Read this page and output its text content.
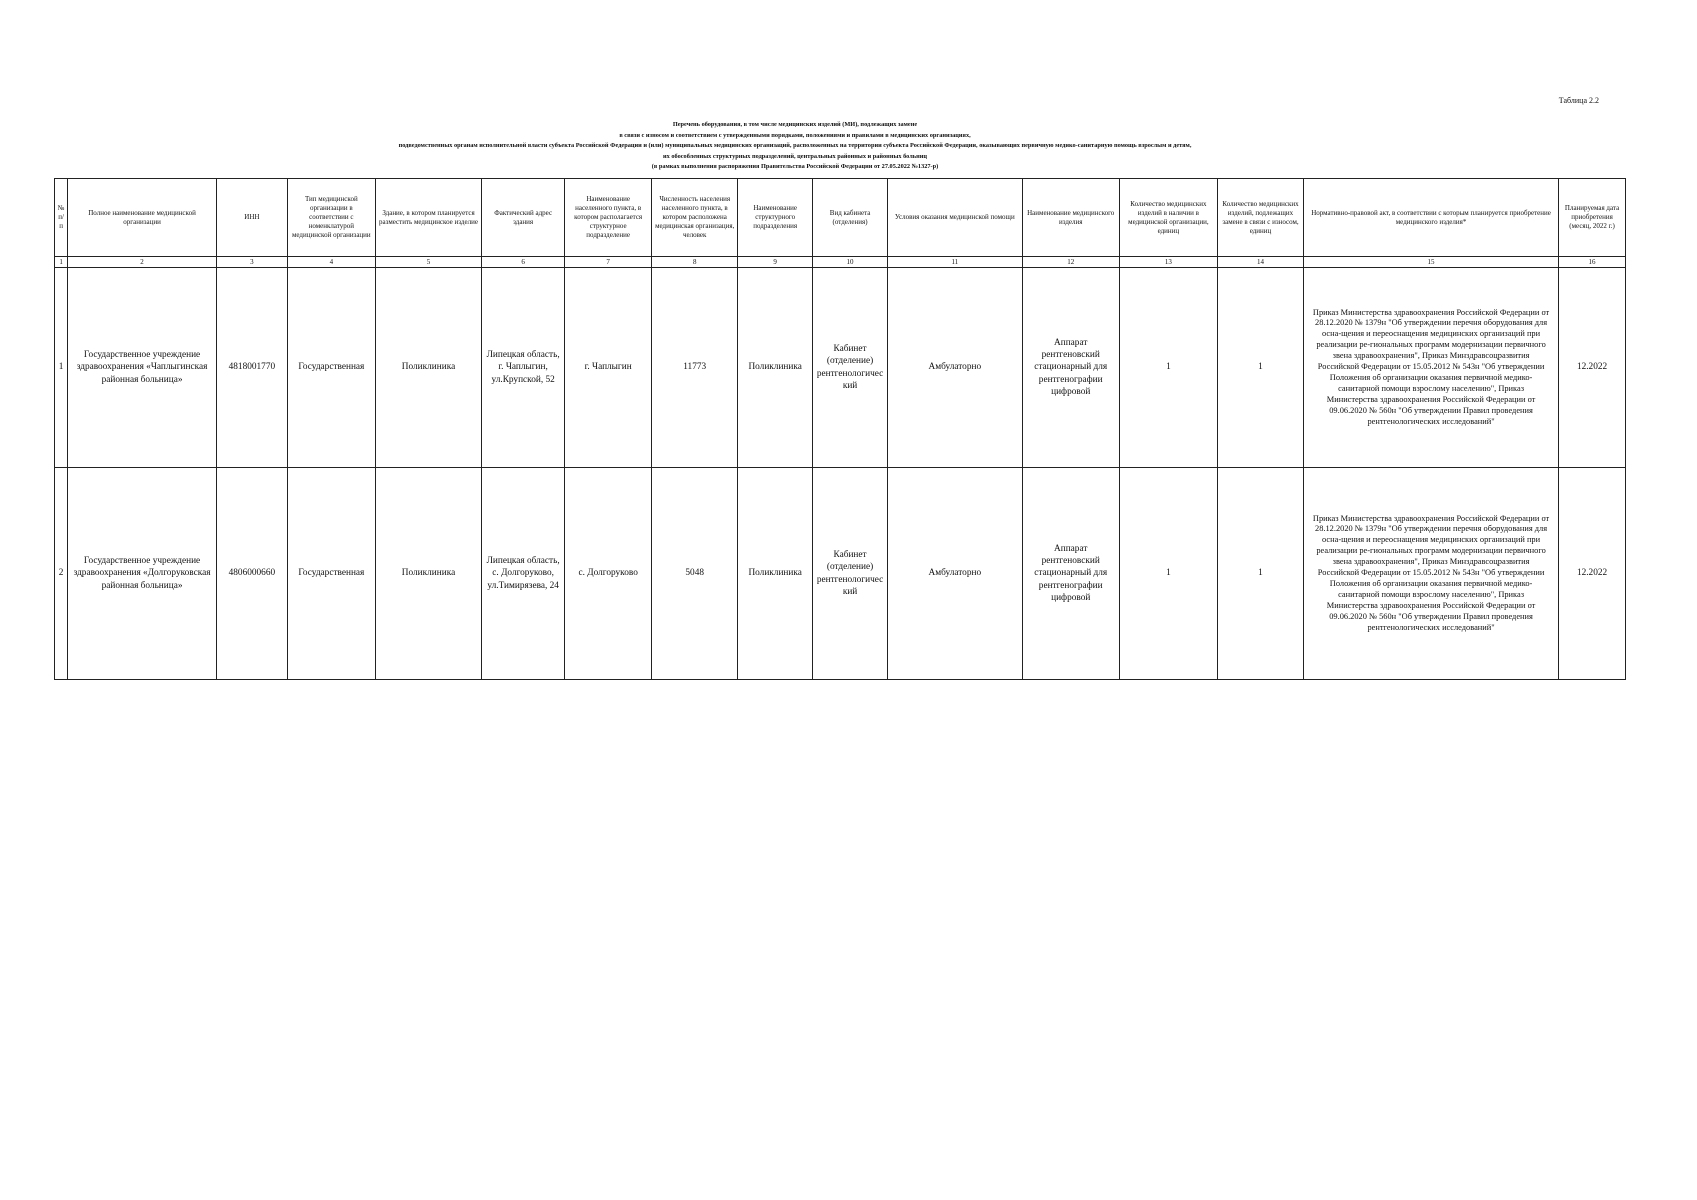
Таблица 2.2
Перечень оборудования, в том числе медицинских изделий (МИ), подлежащих замене
в связи с износом и соответствием с утвержденными порядками, положениями и правилами в медицинских организациях,
подведомственных органам исполнительной власти субъекта Российской Федерации и (или) муниципальных медицинских организаций, расположенных на территории субъекта Российской Федерации, оказывающих первичную медико-санитарную помощь взрослым и детям,
их обособленных структурных подразделений, центральных районных и районных больниц
(в рамках выполнения распоряжения Правительства Российской Федерации от 27.05.2022 №1327-р)
№ п/п	Полное наименование медицинской организации	ИНН	Тип медицинской организации в соответствии с номенклатурой медицинской организации	Здание, в котором планируется разместить медицинское изделие	Фактический адрес здания	Наименование населенного пункта, в котором располагается структурное подразделение	Численность населения населенного пункта, в котором расположена медицинская организация, человек	Наименование структурного подразделения	Вид кабинета (отделения)	Условия оказания медицинской помощи	Наименование медицинского изделия	Количество медицинских изделий в наличии в медицинской организации, единиц	Количество медицинских изделий, подлежащих замене в связи с износом, единиц	Нормативно-правовой акт, в соответствии с которым планируется приобретение медицинского изделия*	Планируемая дата приобретения (месяц, 2022 г.)
1	2	3	4	5	6	7	8	9	10	11	12	13	14	15	16
1	Государственное учреждение здравоохранения «Чаплыгинская районная больница»	4818001770	Государственная	Поликлиника	Липецкая область, г. Чаплыгин, ул.Крупской, 52	г. Чаплыгин	11773	Поликлиника	Кабинет (отделение) рентгенологичес кий	Амбулаторно	Аппарат рентгеновский стационарный для рентгенографии цифровой	1	1	Приказ Министерства здравоохранения Российской Федерации от 28.12.2020 № 1379н "Об утверждении перечня оборудования для осна-щения и переоснащения медицинских организаций при реализации ре-гиональных программ модернизации первичного звена здравоохранения", Приказ Минздравсоцразвития Российской Федерации от 15.05.2012 № 543н "Об утверждении Положения об организации оказания первичной медико-санитарной помощи взрослому населению", Приказ Министерства здравоохранения Российской Федерации от 09.06.2020 № 560н "Об утверждении Правил проведения рентгенологических исследований"	12.2022
2	Государственное учреждение здравоохранения «Долгоруковская районная больница»	4806000660	Государственная	Поликлиника	Липецкая область, с. Долгоруково, ул.Тимирязева, 24	с. Долгоруково	5048	Поликлиника	Кабинет (отделение) рентгенологичес кий	Амбулаторно	Аппарат рентгеновский стационарный для рентгенографии цифровой	1	1	Приказ Министерства здравоохранения Российской Федерации от 28.12.2020 № 1379н "Об утверждении перечня оборудования для осна-щения и переоснащения медицинских организаций при реализации ре-гиональных программ модернизации первичного звена здравоохранения", Приказ Минздравсоцразвития Российской Федерации от 15.05.2012 № 543н "Об утверждении Положения об организации оказания первичной медико-санитарной помощи взрослому населению", Приказ Министерства здравоохранения Российской Федерации от 09.06.2020 № 560н "Об утверждении Правил проведения рентгенологических исследований"	12.2022
